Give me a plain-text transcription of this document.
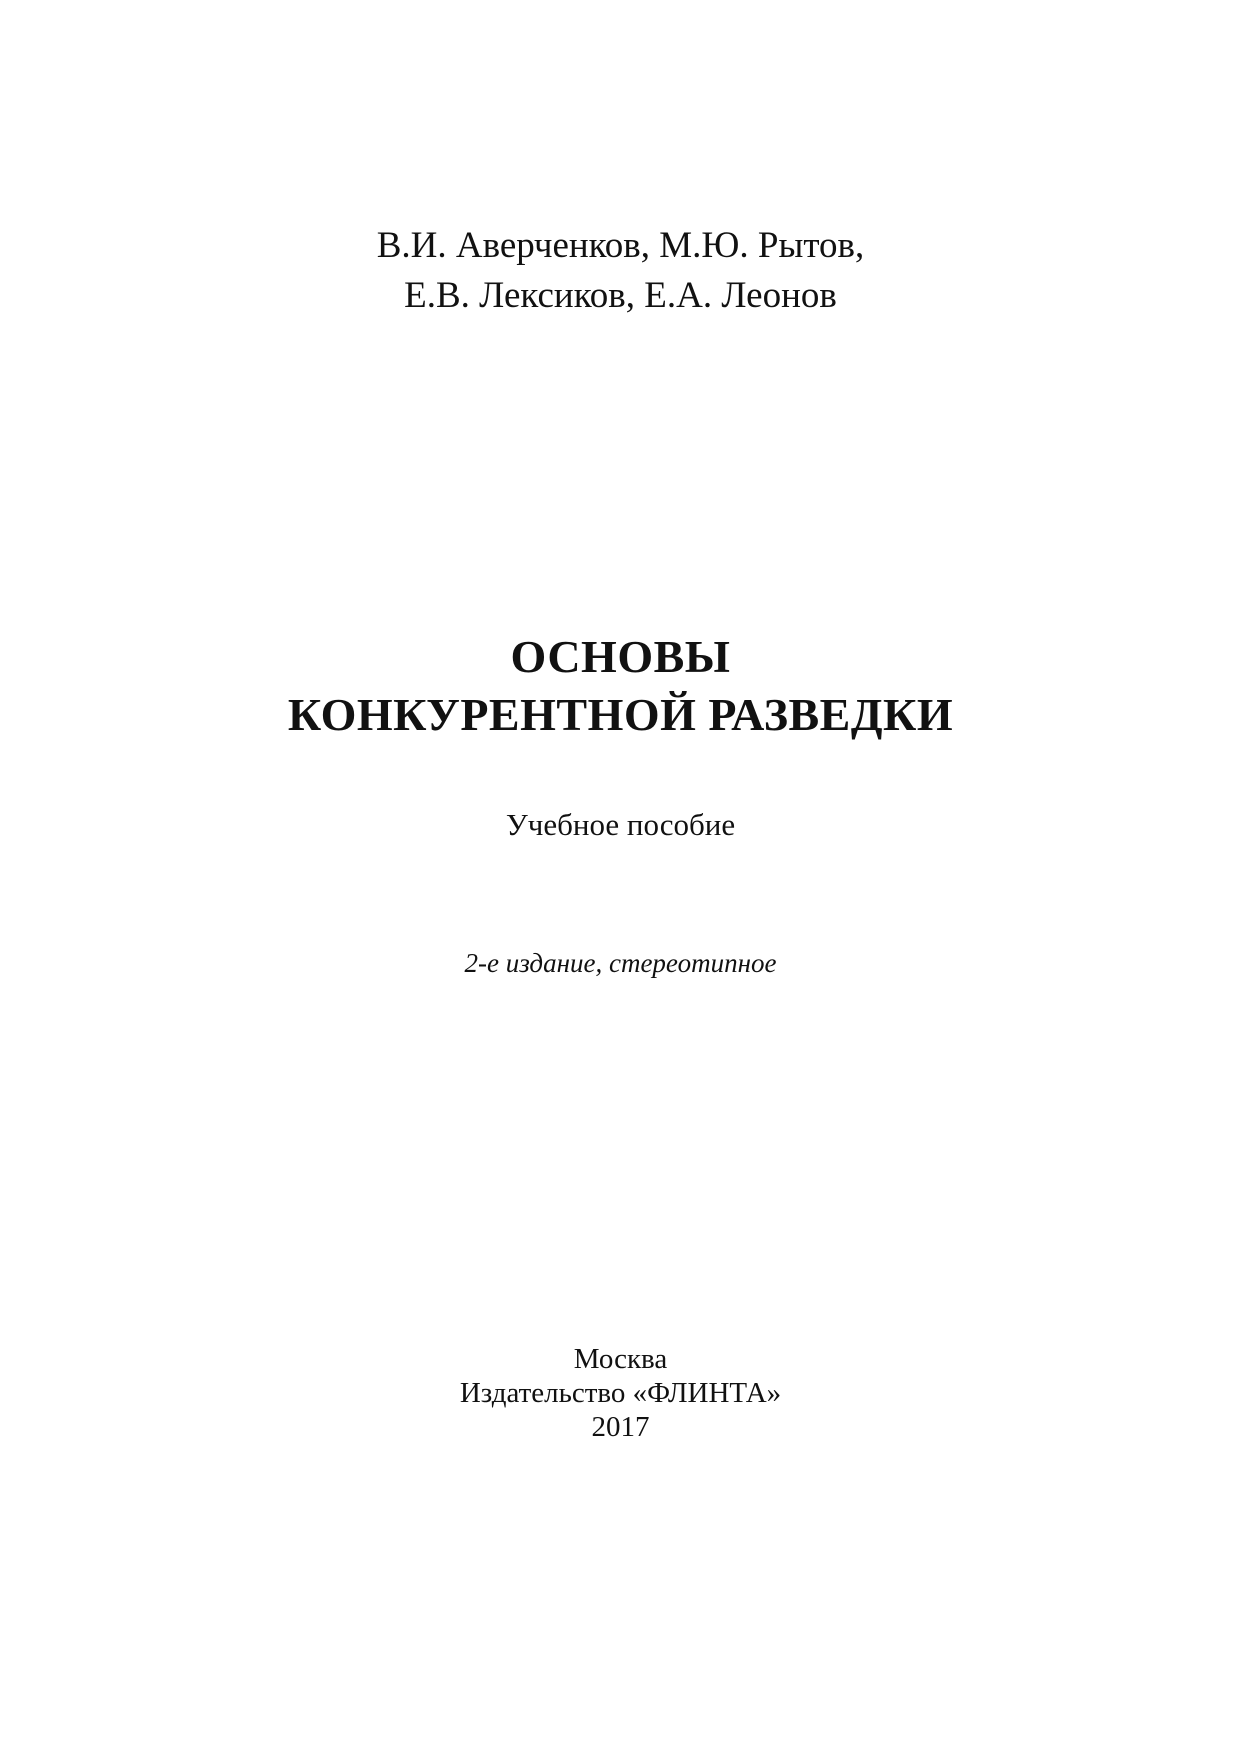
В.И. Аверченков, М.Ю. Рытов,
Е.В. Лексиков, Е.А. Леонов
ОСНОВЫ
КОНКУРЕНТНОЙ РАЗВЕДКИ
Учебное пособие
2-е издание, стереотипное
Москва
Издательство «ФЛИНТА»
2017
